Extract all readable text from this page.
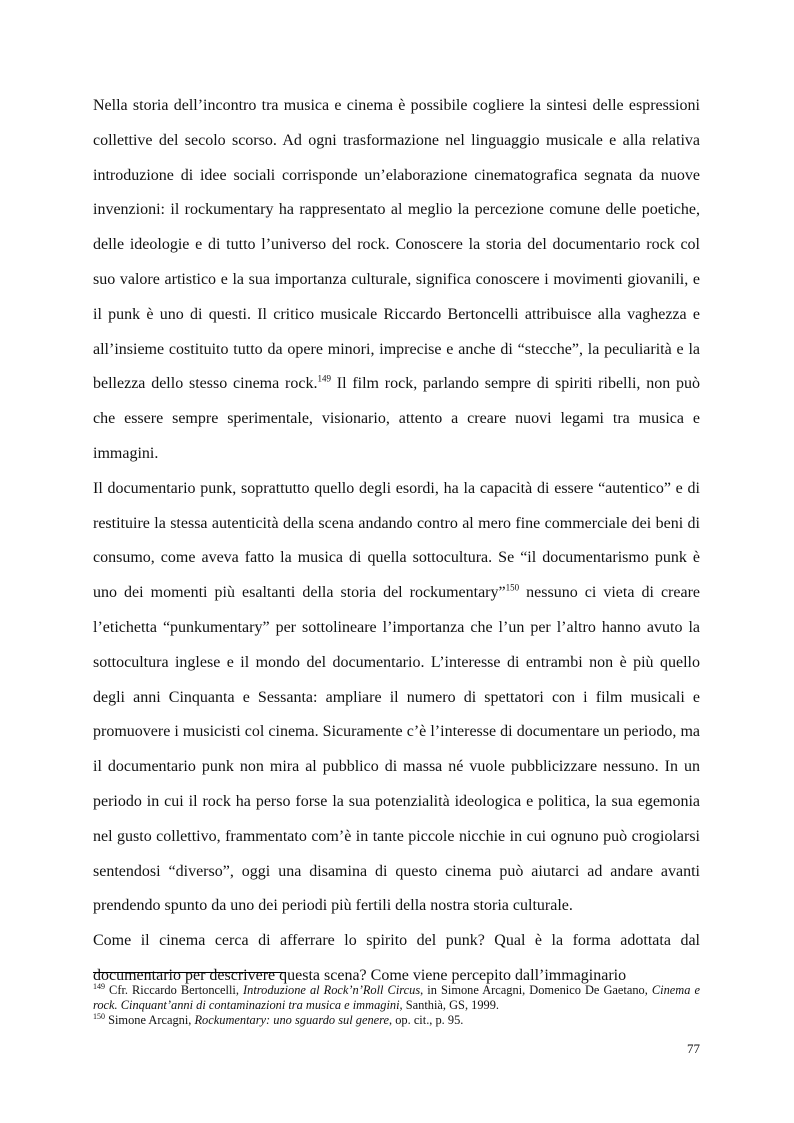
Nella storia dell’incontro tra musica e cinema è possibile cogliere la sintesi delle espressioni collettive del secolo scorso. Ad ogni trasformazione nel linguaggio musicale e alla relativa introduzione di idee sociali corrisponde un’elaborazione cinematografica segnata da nuove invenzioni: il rockumentary ha rappresentato al meglio la percezione comune delle poetiche, delle ideologie e di tutto l’universo del rock. Conoscere la storia del documentario rock col suo valore artistico e la sua importanza culturale, significa conoscere i movimenti giovanili, e il punk è uno di questi. Il critico musicale Riccardo Bertoncelli attribuisce alla vaghezza e all’insieme costituito tutto da opere minori, imprecise e anche di “stecche”, la peculiarità e la bellezza dello stesso cinema rock.$^{149}$ Il film rock, parlando sempre di spiriti ribelli, non può che essere sempre sperimentale, visionario, attento a creare nuovi legami tra musica e immagini.

Il documentario punk, soprattutto quello degli esordi, ha la capacità di essere “autentico” e di restituire la stessa autenticità della scena andando contro al mero fine commerciale dei beni di consumo, come aveva fatto la musica di quella sottocultura. Se “il documentarismo punk è uno dei momenti più esaltanti della storia del rockumentary”$^{150}$ nessuno ci vieta di creare l’etichetta “punkumentary” per sottolineare l’importanza che l’un per l’altro hanno avuto la sottocultura inglese e il mondo del documentario. L’interesse di entrambi non è più quello degli anni Cinquanta e Sessanta: ampliare il numero di spettatori con i film musicali e promuovere i musicisti col cinema. Sicuramente c’è l’interesse di documentare un periodo, ma il documentario punk non mira al pubblico di massa né vuole pubblicizzare nessuno. In un periodo in cui il rock ha perso forse la sua potenzialità ideologica e politica, la sua egemonia nel gusto collettivo, frammentato com’è in tante piccole nicchie in cui ognuno può crogiolarsi sentendosi “diverso”, oggi una disamina di questo cinema può aiutarci ad andare avanti prendendo spunto da uno dei periodi più fertili della nostra storia culturale.

Come il cinema cerca di afferrare lo spirito del punk? Qual è la forma adottata dal documentario per descrivere questa scena? Come viene percepito dall’immaginario

$^{149}$ Cfr. Riccardo Bertoncelli, Introduzione al Rock’n’Roll Circus, in Simone Arcagni, Domenico De Gaetano, Cinema e rock. Cinquant’anni di contaminazioni tra musica e immagini, Santhià, GS, 1999.

$^{150}$ Simone Arcagni, Rockumentary: uno sguardo sul genere, op. cit., p. 95.

77
